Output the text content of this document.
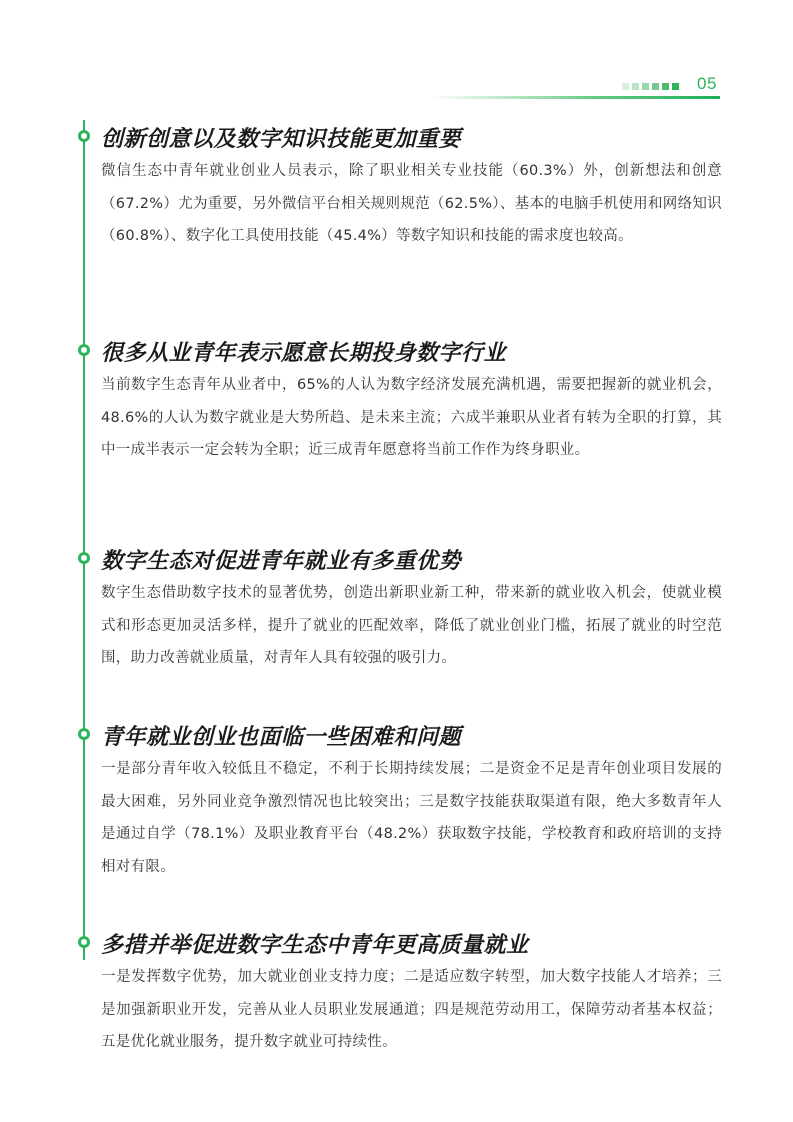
05
创新创意以及数字知识技能更加重要
微信生态中青年就业创业人员表示，除了职业相关专业技能（60.3%）外，创新想法和创意（67.2%）尤为重要，另外微信平台相关规则规范（62.5%）、基本的电脑手机使用和网络知识（60.8%）、数字化工具使用技能（45.4%）等数字知识和技能的需求度也较高。
很多从业青年表示愿意长期投身数字行业
当前数字生态青年从业者中，65%的人认为数字经济发展充满机遇，需要把握新的就业机会，48.6%的人认为数字就业是大势所趋、是未来主流；六成半兼职从业者有转为全职的打算，其中一成半表示一定会转为全职；近三成青年愿意将当前工作作为终身职业。
数字生态对促进青年就业有多重优势
数字生态借助数字技术的显著优势，创造出新职业新工种，带来新的就业收入机会，使就业模式和形态更加灵活多样，提升了就业的匹配效率，降低了就业创业门槛，拓展了就业的时空范围，助力改善就业质量，对青年人具有较强的吸引力。
青年就业创业也面临一些困难和问题
一是部分青年收入较低且不稳定，不利于长期持续发展；二是资金不足是青年创业项目发展的最大困难，另外同业竞争激烈情况也比较突出；三是数字技能获取渠道有限，绝大多数青年人是通过自学（78.1%）及职业教育平台（48.2%）获取数字技能，学校教育和政府培训的支持相对有限。
多措并举促进数字生态中青年更高质量就业
一是发挥数字优势，加大就业创业支持力度；二是适应数字转型，加大数字技能人才培养；三是加强新职业开发，完善从业人员职业发展通道；四是规范劳动用工，保障劳动者基本权益；五是优化就业服务，提升数字就业可持续性。
